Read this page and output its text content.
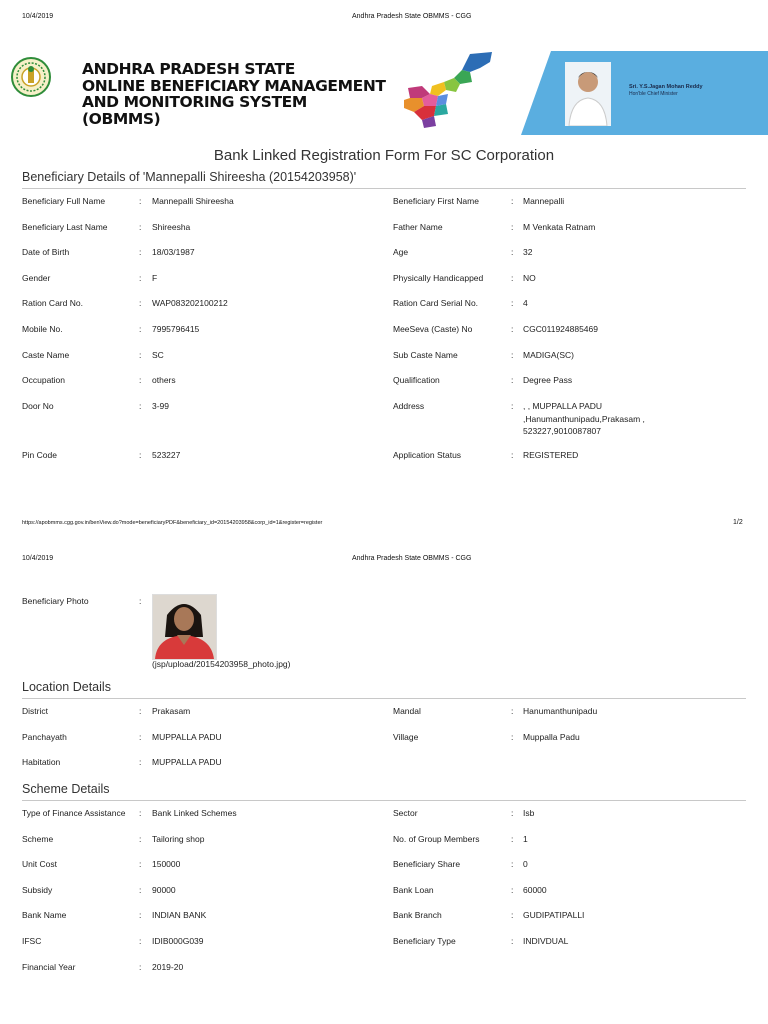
10/4/2019	Andhra Pradesh State OBMMS - CGG
ANDHRA PRADESH STATE
ONLINE BENEFICIARY MANAGEMENT
AND MONITORING SYSTEM
(OBMMS)
Sri. Y.S.Jagan Mohan Reddy
Hon'ble Chief Minister
Bank Linked Registration Form For SC Corporation
Beneficiary Details of 'Mannepalli Shireesha (20154203958)'
Beneficiary Full Name	: Mannepalli Shireesha	Beneficiary First Name	: Mannepalli
Beneficiary Last Name	: Shireesha	Father Name	: M Venkata Ratnam
Date of Birth	: 18/03/1987	Age	: 32
Gender	: F	Physically Handicapped	: NO
Ration Card No.	: WAP083202100212	Ration Card Serial No.	: 4
Mobile No.	: 7995796415	MeeSeva (Caste) No	: CGC011924885469
Caste Name	: SC	Sub Caste Name	: MADIGA(SC)
Occupation	: others	Qualification	: Degree Pass
Door No	: 3-99	Address	: , , MUPPALLA PADU
,Hanumanthunipadu,Prakasam ,
523227,9010087807
Pin Code	: 523227	Application Status	: REGISTERED
https://apobmms.cgg.gov.in/benView.do?mode=beneficiaryPDF&beneficiary_id=20154203958&corp_id=1&register=register	1/2
10/4/2019	Andhra Pradesh State OBMMS - CGG
Beneficiary Photo	:
(jsp/upload/20154203958_photo.jpg)
Location Details
District	: Prakasam	Mandal	: Hanumanthunipadu
Panchayath	: MUPPALLA PADU	Village	: Muppalla Padu
Habitation	: MUPPALLA PADU
Scheme Details
Type of Finance Assistance	: Bank Linked Schemes	Sector	: Isb
Scheme	: Tailoring shop	No. of Group Members	: 1
Unit Cost	: 150000	Beneficiary Share	: 0
Subsidy	: 90000	Bank Loan	: 60000
Bank Name	: INDIAN BANK	Bank Branch	: GUDIPATIPALLI
IFSC	: IDIB000G039	Beneficiary Type	: INDIVDUAL
Financial Year	: 2019-20
